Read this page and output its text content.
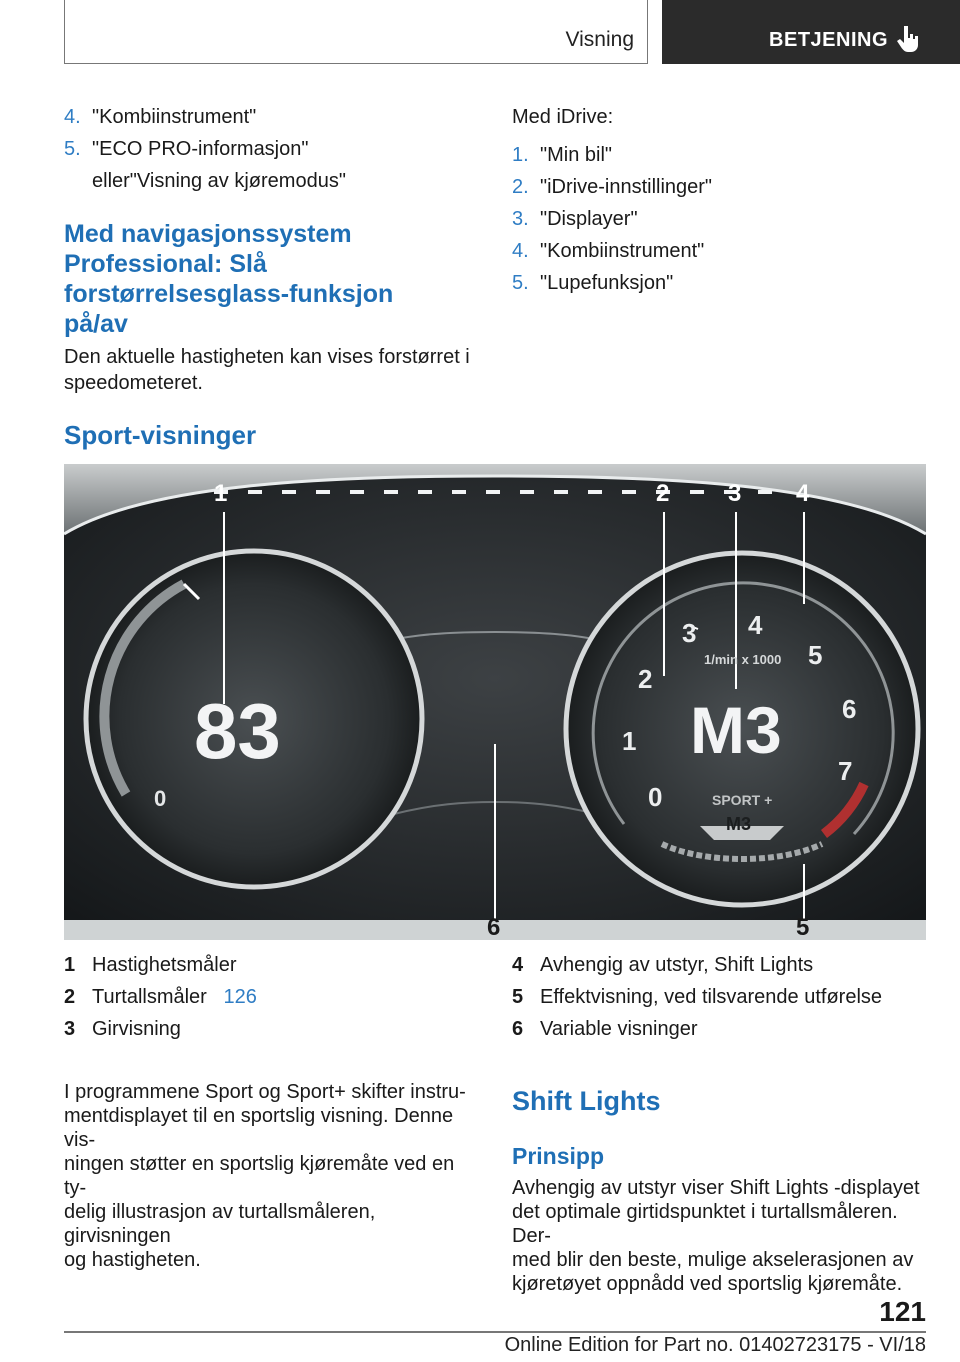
Visning	BETJENING
4. "Kombiinstrument"
5. "ECO PRO-informasjon"
eller"Visning av kjøremodus"
Med navigasjonssystem
Professional: Slå
forstørrelsesglass-funksjon
på/av
Den aktuelle hastigheten kan vises forstørret i
speedometeret.
Med iDrive:
1. "Min bil"
2. "iDrive-innstillinger"
3. "Displayer"
4. "Kombiinstrument"
5. "Lupefunksjon"
Sport-visninger
83
0
M3
1/min x 1000
SPORT +
M3
0
1
2
3 4
5
6
7
1	2 3 4
5
6
1 Hastighetsmåler
2 Turtallsmåler 126
3 Girvisning
4 Avhengig av utstyr, Shift Lights
5 Effektvisning, ved tilsvarende utførelse
6 Variable visninger
I programmene Sport og Sport+ skifter instru-
mentdisplayet til en sportslig visning. Denne vis-
ningen støtter en sportslig kjøremåte ved en ty-
delig illustrasjon av turtallsmåleren, girvisningen
og hastigheten.
Shift Lights
Prinsipp
Avhengig av utstyr viser Shift Lights -displayet
det optimale girtidspunktet i turtallsmåleren. Der-
med blir den beste, mulige akselerasjonen av
kjøretøyet oppnådd ved sportslig kjøremåte.
121
Online Edition for Part no. 01402723175 - VI/18
